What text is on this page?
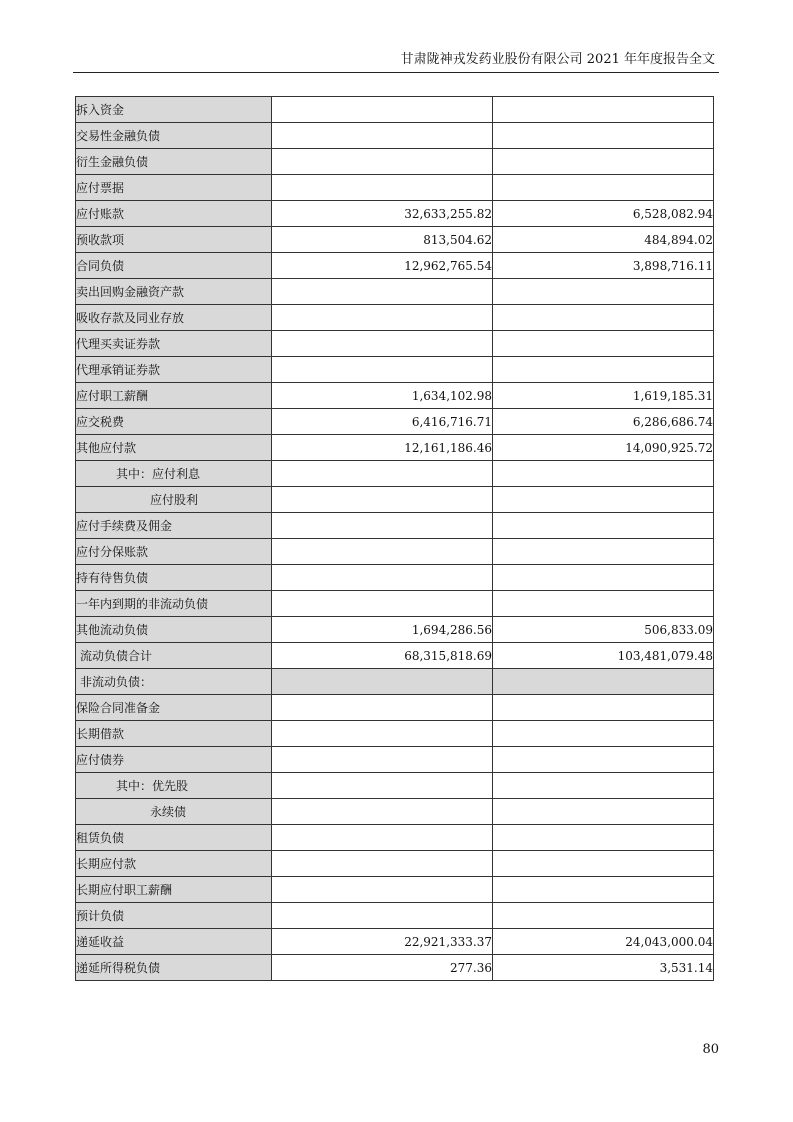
甘肃陇神戎发药业股份有限公司 2021 年年度报告全文
拆入资金		
交易性金融负债		
衍生金融负债		
应付票据		
应付账款	32,633,255.82	6,528,082.94
预收款项	813,504.62	484,894.02
合同负债	12,962,765.54	3,898,716.11
卖出回购金融资产款		
吸收存款及同业存放		
代理买卖证券款		
代理承销证券款		
应付职工薪酬	1,634,102.98	1,619,185.31
应交税费	6,416,716.71	6,286,686.74
其他应付款	12,161,186.46	14,090,925.72
其中：应付利息		
应付股利		
应付手续费及佣金		
应付分保账款		
持有待售负债		
一年内到期的非流动负债		
其他流动负债	1,694,286.56	506,833.09
流动负债合计	68,315,818.69	103,481,079.48
非流动负债：		
保险合同准备金		
长期借款		
应付债券		
其中：优先股		
永续债		
租赁负债		
长期应付款		
长期应付职工薪酬		
预计负债		
递延收益	22,921,333.37	24,043,000.04
递延所得税负债	277.36	3,531.14
80
